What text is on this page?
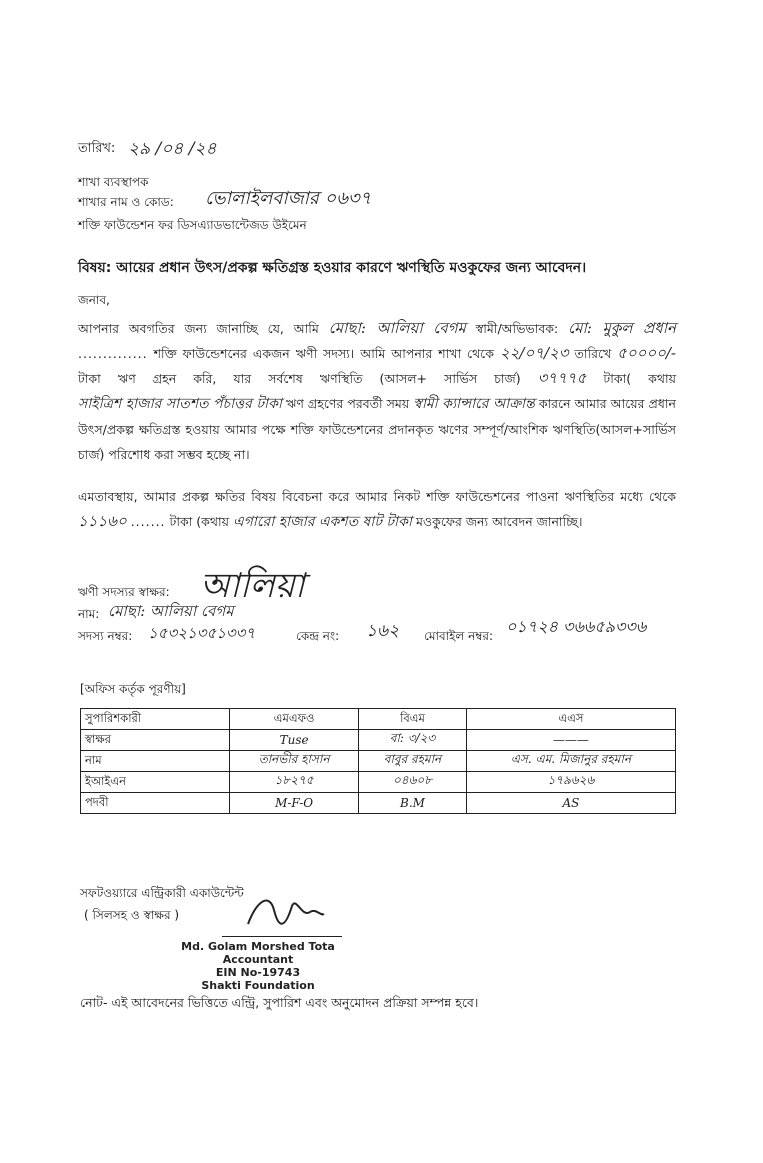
তারিখ: ২৯ /০৪ /২৪
শাখা ব্যবস্থাপক
শাখার নাম ও কোড: ভোলাইলবাজার ০৬৩৭
শক্তি ফাউন্ডেশন ফর ডিসএ্যাডভান্টেজড উইমেন
বিষয়: আয়ের প্রধান উৎস/প্রকল্প ক্ষতিগ্রস্ত হওয়ার কারণে ঋণস্থিতি মওকুফের জন্য আবেদন।
জনাব,
আপনার অবগতির জন্য জানাচ্ছি যে, আমি মোছা: আলিয়া বেগম স্বামী/অভিভাবক: মো: মুকুল প্রধান .............. শক্তি ফাউন্ডেশনের একজন ঋণী সদস্য। আমি আপনার শাখা থেকে ২২/০৭/২৩ তারিখে ৫০০০০/- টাকা ঋণ গ্রহন করি, যার সর্বশেষ ঋণস্থিতি (আসল+ সার্ভিস চার্জ) ৩৭৭৭৫ টাকা( কথায় সাইত্রিশ হাজার সাতশত পঁচাত্তর টাকা ঋণ গ্রহণের পরবর্তী সময় স্বামী ক্যান্সারে আক্রান্ত কারনে আমার আয়ের প্রধান উৎস/প্রকল্প ক্ষতিগ্রস্ত হওয়ায় আমার পক্ষে শক্তি ফাউন্ডেশনের প্রদানকৃত ঋণের সম্পূর্ণ/আংশিক ঋণস্থিতি(আসল+সার্ভিস চার্জ) পরিশোধ করা সম্ভব হচ্ছে না।
এমতাবস্থায়, আমার প্রকল্প ক্ষতির বিষয় বিবেচনা করে আমার নিকট শক্তি ফাউন্ডেশনের পাওনা ঋণস্থিতির মধ্যে থেকে ১১১৬০ ....... টাকা (কথায় এগারো হাজার একশত ষাট টাকা মওকুফের জন্য আবেদন জানাচ্ছি।
ঋণী সদস্যর স্বাক্ষর: আলিয়া
নাম: মোছা: আলিয়া বেগম
সদস্য নম্বর: ১৫৩২১৩৫১৩৩৭	কেন্দ্র নং: ১৬২ মোবাইল নম্বর: ০১৭২৪ ৩৬৬৫৯৩৩৬
[অফিস কর্তৃক পূরণীয়]
সুপারিশকারী	এমএফও	বিএম	এএস
স্বাক্ষর	Tuse	বা: ৩/২৩	———
নাম	তানভীর হাসান	বাবুর রহমান	এস. এম. মিজানুর রহমান
ইআইএন	১৮২৭৫	০৪৬০৮	১৭৯৬২৬
পদবী	M-F-O	B.M	AS
সফটওয়্যারে এন্ট্রিকারী একাউন্টেন্ট
( সিলসহ ও স্বাক্ষর )
Md. Golam Morshed Tota
Accountant
EIN No-19743
Shakti Foundation
নোট- এই আবেদনের ভিত্তিতে এন্ট্রি, সুপারিশ এবং অনুমোদন প্রক্রিয়া সম্পন্ন হবে।
